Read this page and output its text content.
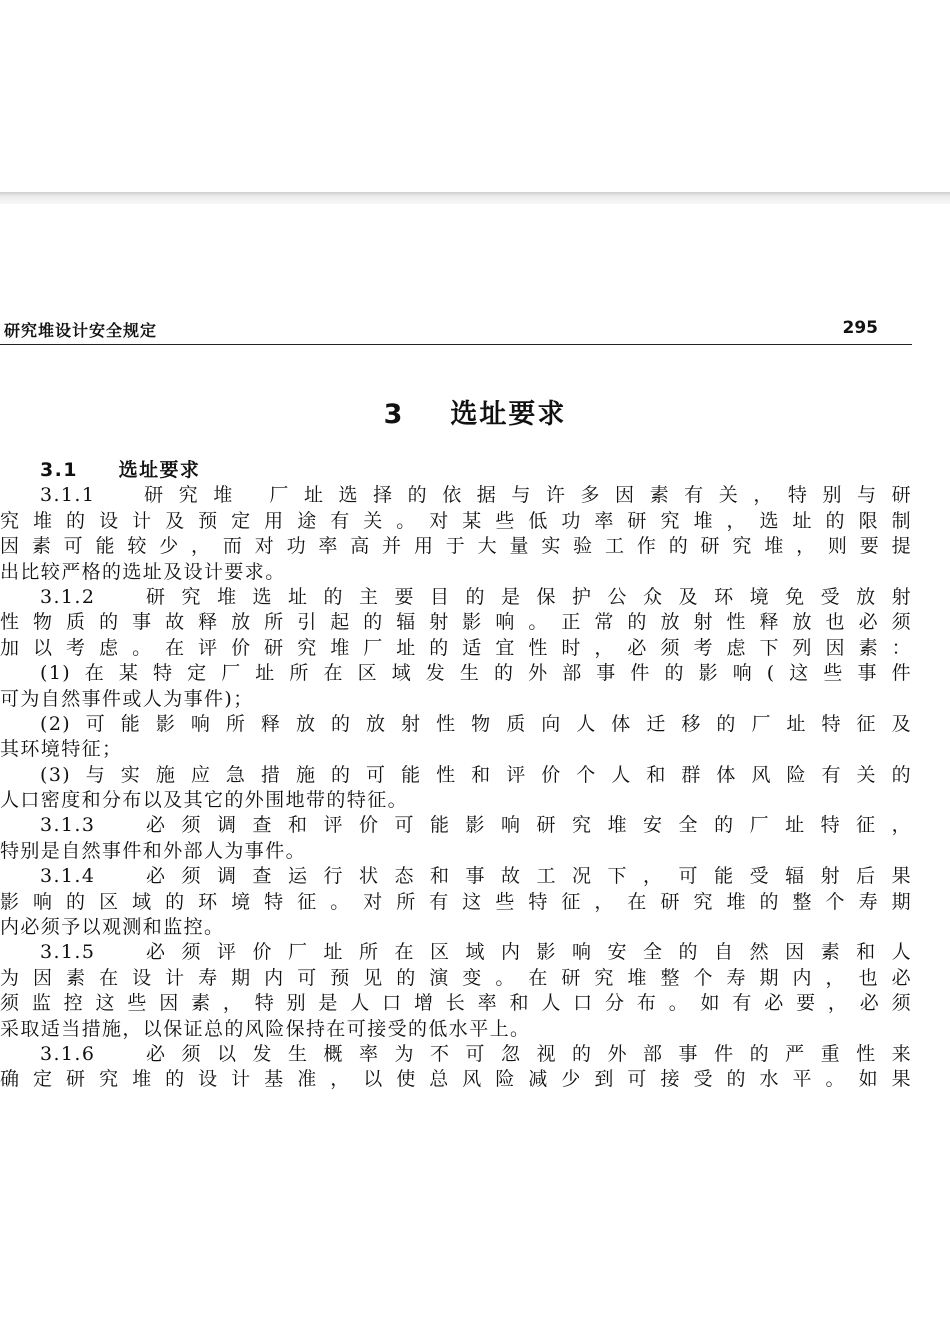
研究堆设计安全规定	295
3 选址要求
3.1　　 选址要求
3.1.1　研究堆 厂址选择的依据与许多因素有关，特别与研
究堆的设计及预定用途有关。对某些低功率研究堆，选址的限制
因素可能较少，而对功率高并用于大量实验工作的研究堆，则要提
出比较严格的选址及设计要求。
3.1.2　研究堆选址的主要目的是保护公众及环境免受放射
性物质的事故释放所引起的辐射影响。正常的放射性释放也必须
加以考虑。在评价研究堆厂址的适宜性时，必须考虑下列因素：
(1)在某特定厂址所在区域发生的外部事件的影响(这些事件
可为自然事件或人为事件)；
(2)可能影响所释放的放射性物质向人体迁移的厂址特征及
其环境特征；
(3)与实施应急措施的可能性和评价个人和群体风险有关的
人口密度和分布以及其它的外围地带的特征。
3.1.3　必须调查和评价可能影响研究堆安全的厂址特征，
特别是自然事件和外部人为事件。
3.1.4　必须调查运行状态和事故工况下，可能受辐射后果
影响的区域的环境特征。对所有这些特征，在研究堆的整个寿期
内必须予以观测和监控。
3.1.5　必须评价厂址所在区域内影响安全的自然因素和人
为因素在设计寿期内可预见的演变。在研究堆整个寿期内，也必
须监控这些因素，特别是人口增长率和人口分布。如有必要，必须
采取适当措施，以保证总的风险保持在可接受的低水平上。
3.1.6　必须以发生概率为不可忽视的外部事件的严重性来
确定研究堆的设计基准，以使总风险减少到可接受的水平。如果
